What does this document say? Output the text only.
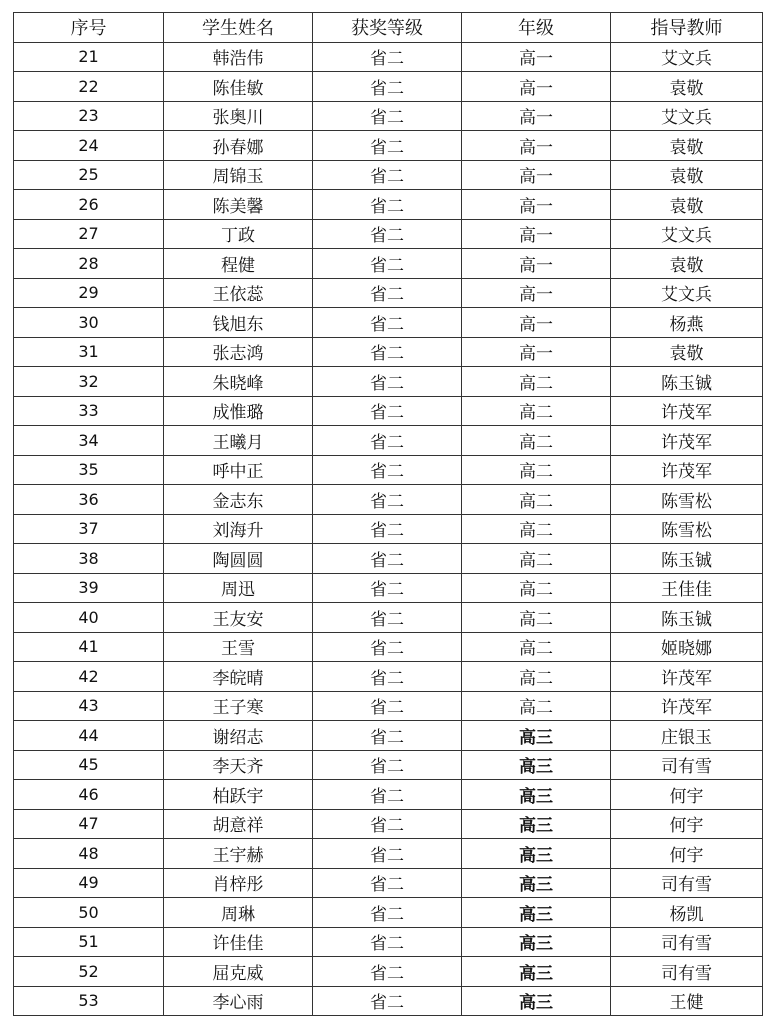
序号	学生姓名	获奖等级	年级	指导教师
21	韩浩伟	省二	高一	艾文兵
22	陈佳敏	省二	高一	袁敬
23	张奥川	省二	高一	艾文兵
24	孙春娜	省二	高一	袁敬
25	周锦玉	省二	高一	袁敬
26	陈美馨	省二	高一	袁敬
27	丁政	省二	高一	艾文兵
28	程健	省二	高一	袁敬
29	王依蕊	省二	高一	艾文兵
30	钱旭东	省二	高一	杨燕
31	张志鸿	省二	高一	袁敬
32	朱晓峰	省二	高二	陈玉铖
33	成惟璐	省二	高二	许茂军
34	王曦月	省二	高二	许茂军
35	呼中正	省二	高二	许茂军
36	金志东	省二	高二	陈雪松
37	刘海升	省二	高二	陈雪松
38	陶圆圆	省二	高二	陈玉铖
39	周迅	省二	高二	王佳佳
40	王友安	省二	高二	陈玉铖
41	王雪	省二	高二	姬晓娜
42	李皖晴	省二	高二	许茂军
43	王子寒	省二	高二	许茂军
44	谢绍志	省二	高三	庄银玉
45	李天齐	省二	高三	司有雪
46	柏跃宇	省二	高三	何宇
47	胡意祥	省二	高三	何宇
48	王宇赫	省二	高三	何宇
49	肖梓彤	省二	高三	司有雪
50	周琳	省二	高三	杨凯
51	许佳佳	省二	高三	司有雪
52	屈克威	省二	高三	司有雪
53	李心雨	省二	高三	王健
